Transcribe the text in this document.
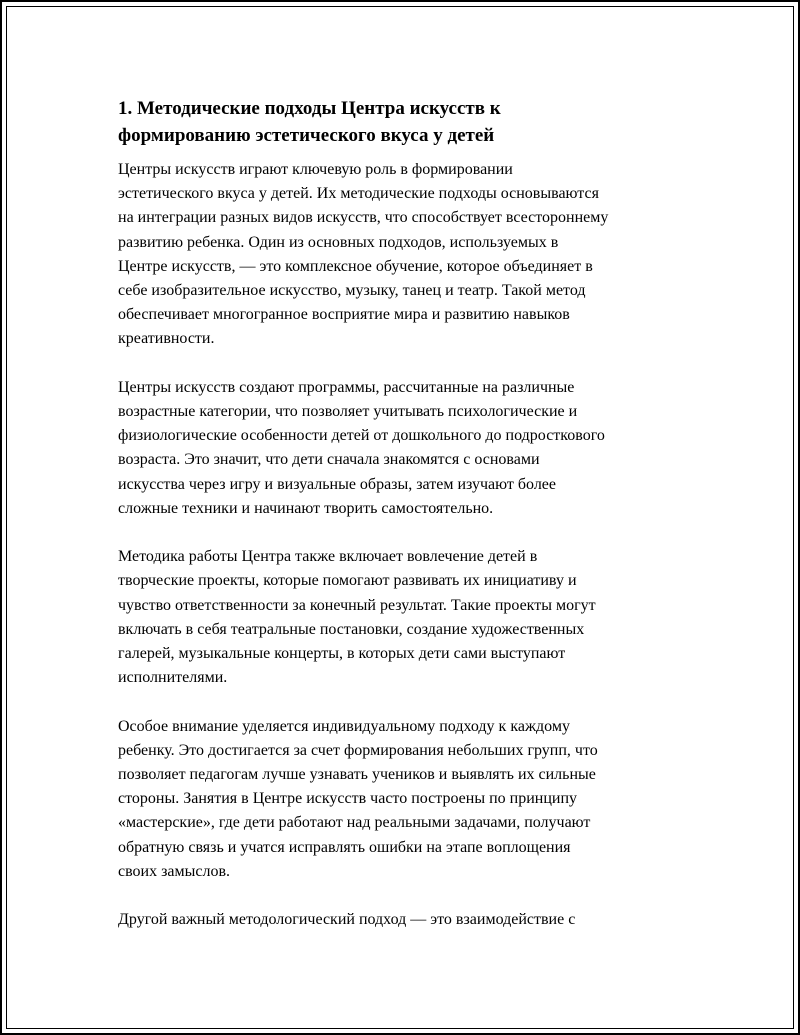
1. Методические подходы Центра искусств к
формированию эстетического вкуса у детей

Центры искусств играют ключевую роль в формировании
эстетического вкуса у детей. Их методические подходы основываются
на интеграции разных видов искусств, что способствует всестороннему
развитию ребенка. Один из основных подходов, используемых в
Центре искусств, — это комплексное обучение, которое объединяет в
себе изобразительное искусство, музыку, танец и театр. Такой метод
обеспечивает многогранное восприятие мира и развитию навыков
креативности.

Центры искусств создают программы, рассчитанные на различные
возрастные категории, что позволяет учитывать психологические и
физиологические особенности детей от дошкольного до подросткового
возраста. Это значит, что дети сначала знакомятся с основами
искусства через игру и визуальные образы, затем изучают более
сложные техники и начинают творить самостоятельно.

Методика работы Центра также включает вовлечение детей в
творческие проекты, которые помогают развивать их инициативу и
чувство ответственности за конечный результат. Такие проекты могут
включать в себя театральные постановки, создание художественных
галерей, музыкальные концерты, в которых дети сами выступают
исполнителями.

Особое внимание уделяется индивидуальному подходу к каждому
ребенку. Это достигается за счет формирования небольших групп, что
позволяет педагогам лучше узнавать учеников и выявлять их сильные
стороны. Занятия в Центре искусств часто построены по принципу
«мастерские», где дети работают над реальными задачами, получают
обратную связь и учатся исправлять ошибки на этапе воплощения
своих замыслов.

Другой важный методологический подход — это взаимодействие с
